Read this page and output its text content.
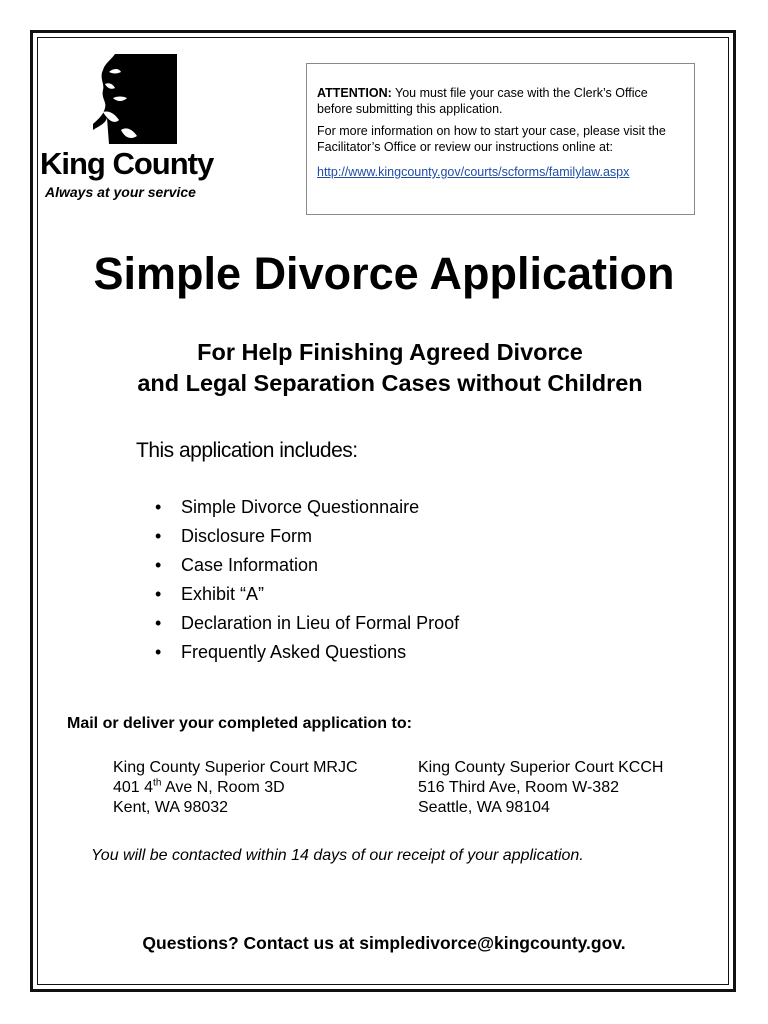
King County
Always at your service

ATTENTION: You must file your case with the Clerk’s Office before submitting this application.

For more information on how to start your case, please visit the Facilitator’s Office or review our instructions online at:

http://www.kingcounty.gov/courts/scforms/familylaw.aspx
Simple Divorce Application
For Help Finishing Agreed Divorce
and Legal Separation Cases without Children

This application includes:

• Simple Divorce Questionnaire
• Disclosure Form
• Case Information
• Exhibit “A”
• Declaration in Lieu of Formal Proof
• Frequently Asked Questions

Mail or deliver your completed application to:

King County Superior Court MRJC
401 4th Ave N, Room 3D
Kent, WA 98032
King County Superior Court KCCH
516 Third Ave, Room W-382
Seattle, WA 98104

You will be contacted within 14 days of our receipt of your application.

Questions? Contact us at simpledivorce@kingcounty.gov.
